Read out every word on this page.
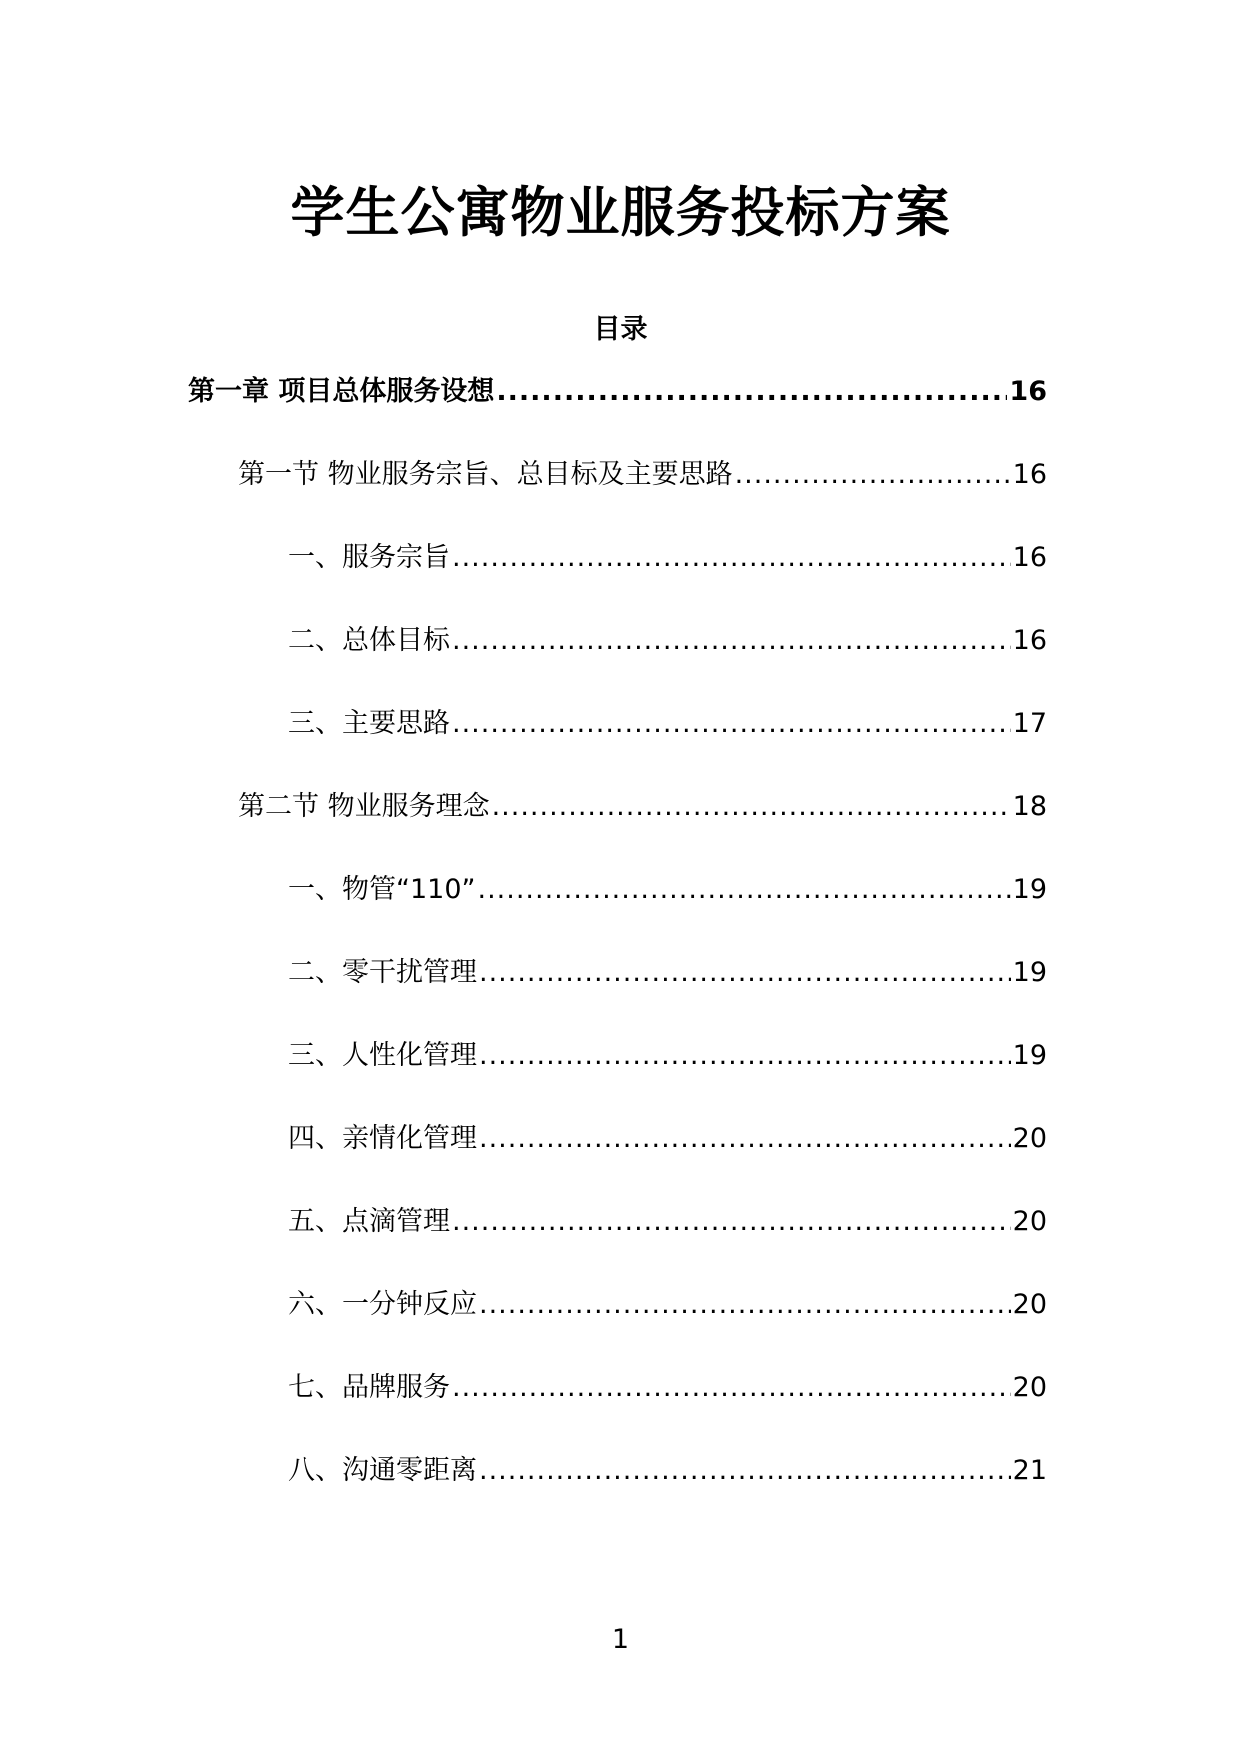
学生公寓物业服务投标方案
目录
第一章 项目总体服务设想 .....	16
第一节 物业服务宗旨、总目标及主要思路 .....	16
一、服务宗旨 .....	16
二、总体目标 .....	16
三、主要思路 .....	17
第二节 物业服务理念 .....	18
一、物管“110” .....	19
二、零干扰管理 .....	19
三、人性化管理 .....	19
四、亲情化管理 .....	20
五、点滴管理 .....	20
六、一分钟反应 .....	20
七、品牌服务 .....	20
八、沟通零距离 .....	21
1
